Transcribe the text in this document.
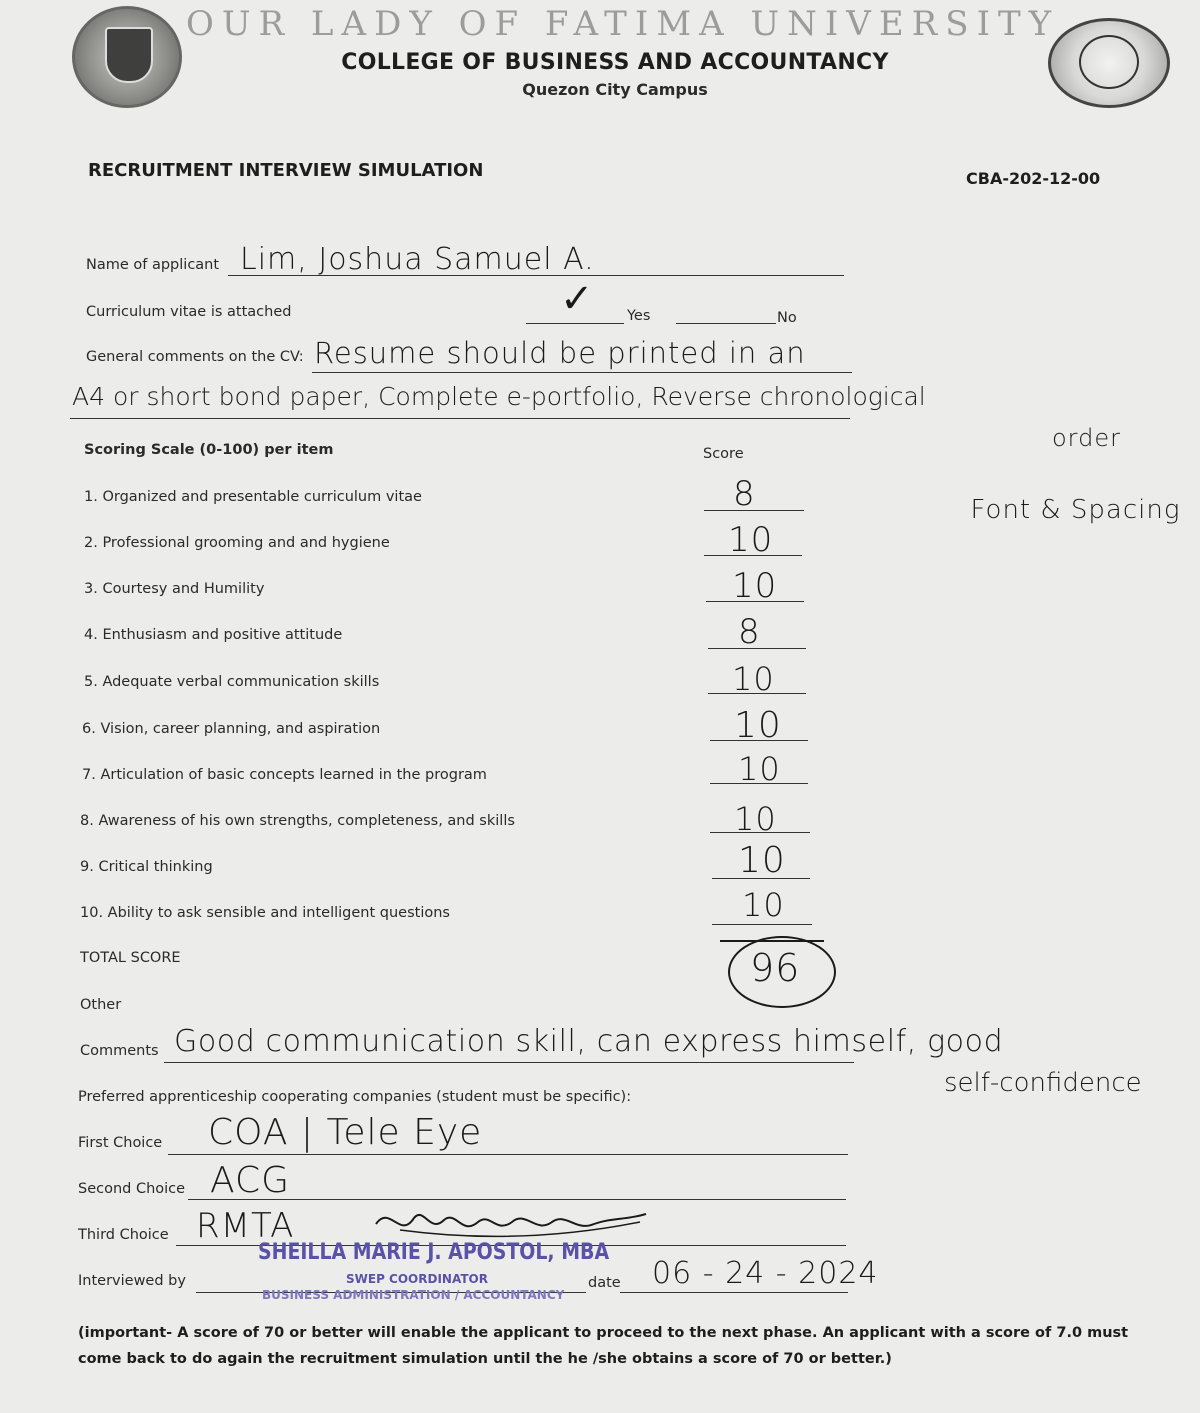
OUR LADY OF FATIMA UNIVERSITY
COLLEGE OF BUSINESS AND ACCOUNTANCY
Quezon City Campus
RECRUITMENT INTERVIEW SIMULATION	CBA-202-12-00
Name of applicant Lim, Joshua Samuel A.
Curriculum vitae is attached	✓ Yes	No
General comments on the CV: Resume should be printed in an
A4 or short bond paper, Complete e-portfolio, Reverse chronological
order
Font & Spacing
Scoring Scale (0-100) per item	Score
1. Organized and presentable curriculum vitae	8
2. Professional grooming and and hygiene	10
3. Courtesy and Humility	10
4. Enthusiasm and positive attitude	8
5. Adequate verbal communication skills	10
6. Vision, career planning, and aspiration	10
7. Articulation of basic concepts learned in the program	10
8. Awareness of his own strengths, completeness, and skills	10
9. Critical thinking	10
10. Ability to ask sensible and intelligent questions	10
TOTAL SCORE	96
Other
Comments Good communication skill, can express himself, good
self-confidence
Preferred apprenticeship cooperating companies (student must be specific):
First Choice COA | Tele Eye
Second Choice ACG
Third Choice RMTA
Interviewed by
SHEILLA MARIE J. APOSTOL, MBA
SWEP COORDINATOR
BUSINESS ADMINISTRATION / ACCOUNTANCY
date 06 - 24 - 2024
(important- A score of 70 or better will enable the applicant to proceed to the next phase. An applicant with a score of 7.0 must come back to do again the recruitment simulation until the he /she obtains a score of 70 or better.)
